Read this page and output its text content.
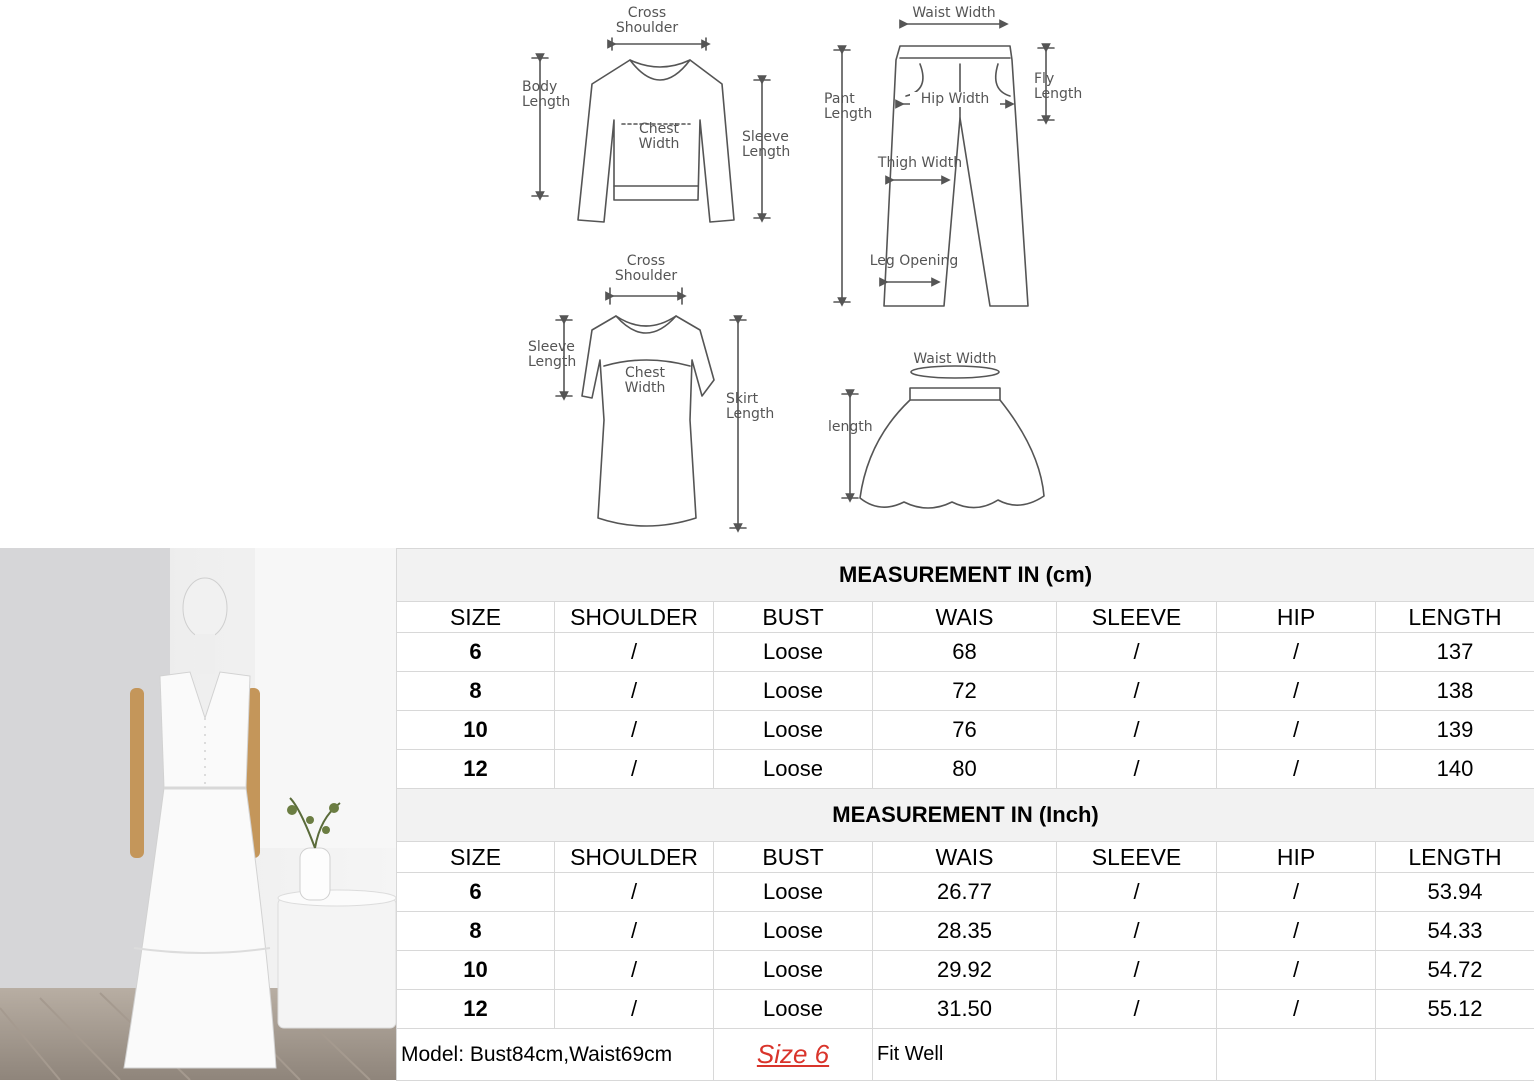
Cross
Shoulder
Body
Length
Chest
Width	Sleeve
Length
Waist Width
Pant
Length
Hip Width
Fly
Length
Thigh Width
Leg Opening
Cross
Shoulder
Sleeve
Length
Chest
Width
Skirt
Length
Waist Width
length
MEASUREMENT IN (cm)						
SIZE	SHOULDER	BUST	WAIS	SLEEVE	HIP	LENGTH
6	/	Loose	68	/	/	137
8	/	Loose	72	/	/	138
10	/	Loose	76	/	/	139
12	/	Loose	80	/	/	140
MEASUREMENT IN (Inch)						
SIZE	SHOULDER	BUST	WAIS	SLEEVE	HIP	LENGTH
6	/	Loose	26.77	/	/	53.94
8	/	Loose	28.35	/	/	54.33
10	/	Loose	29.92	/	/	54.72
12	/	Loose	31.50	/	/	55.12
Model: Bust84cm,Waist69cm		Size 6	Fit Well			
